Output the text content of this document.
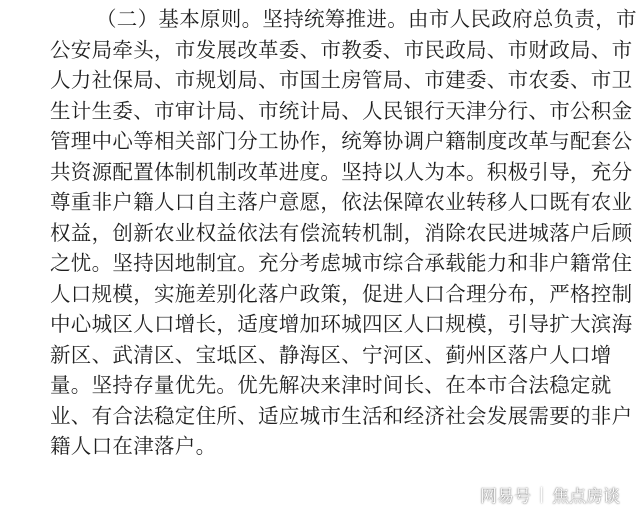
（二）基本原则。坚持统筹推进。由市人民政府总负责，市
公安局牵头，市发展改革委、市教委、市民政局、市财政局、市
人力社保局、市规划局、市国土房管局、市建委、市农委、市卫
生计生委、市审计局、市统计局、人民银行天津分行、市公积金
管理中心等相关部门分工协作，统筹协调户籍制度改革与配套公
共资源配置体制机制改革进度。坚持以人为本。积极引导，充分
尊重非户籍人口自主落户意愿，依法保障农业转移人口既有农业
权益，创新农业权益依法有偿流转机制，消除农民进城落户后顾
之忧。坚持因地制宜。充分考虑城市综合承载能力和非户籍常住
人口规模，实施差别化落户政策，促进人口合理分布，严格控制
中心城区人口增长，适度增加环城四区人口规模，引导扩大滨海
新区、武清区、宝坻区、静海区、宁河区、蓟州区落户人口增
量。坚持存量优先。优先解决来津时间长、在本市合法稳定就
业、有合法稳定住所、适应城市生活和经济社会发展需要的非户
籍人口在津落户。
网易号 焦点房谈
